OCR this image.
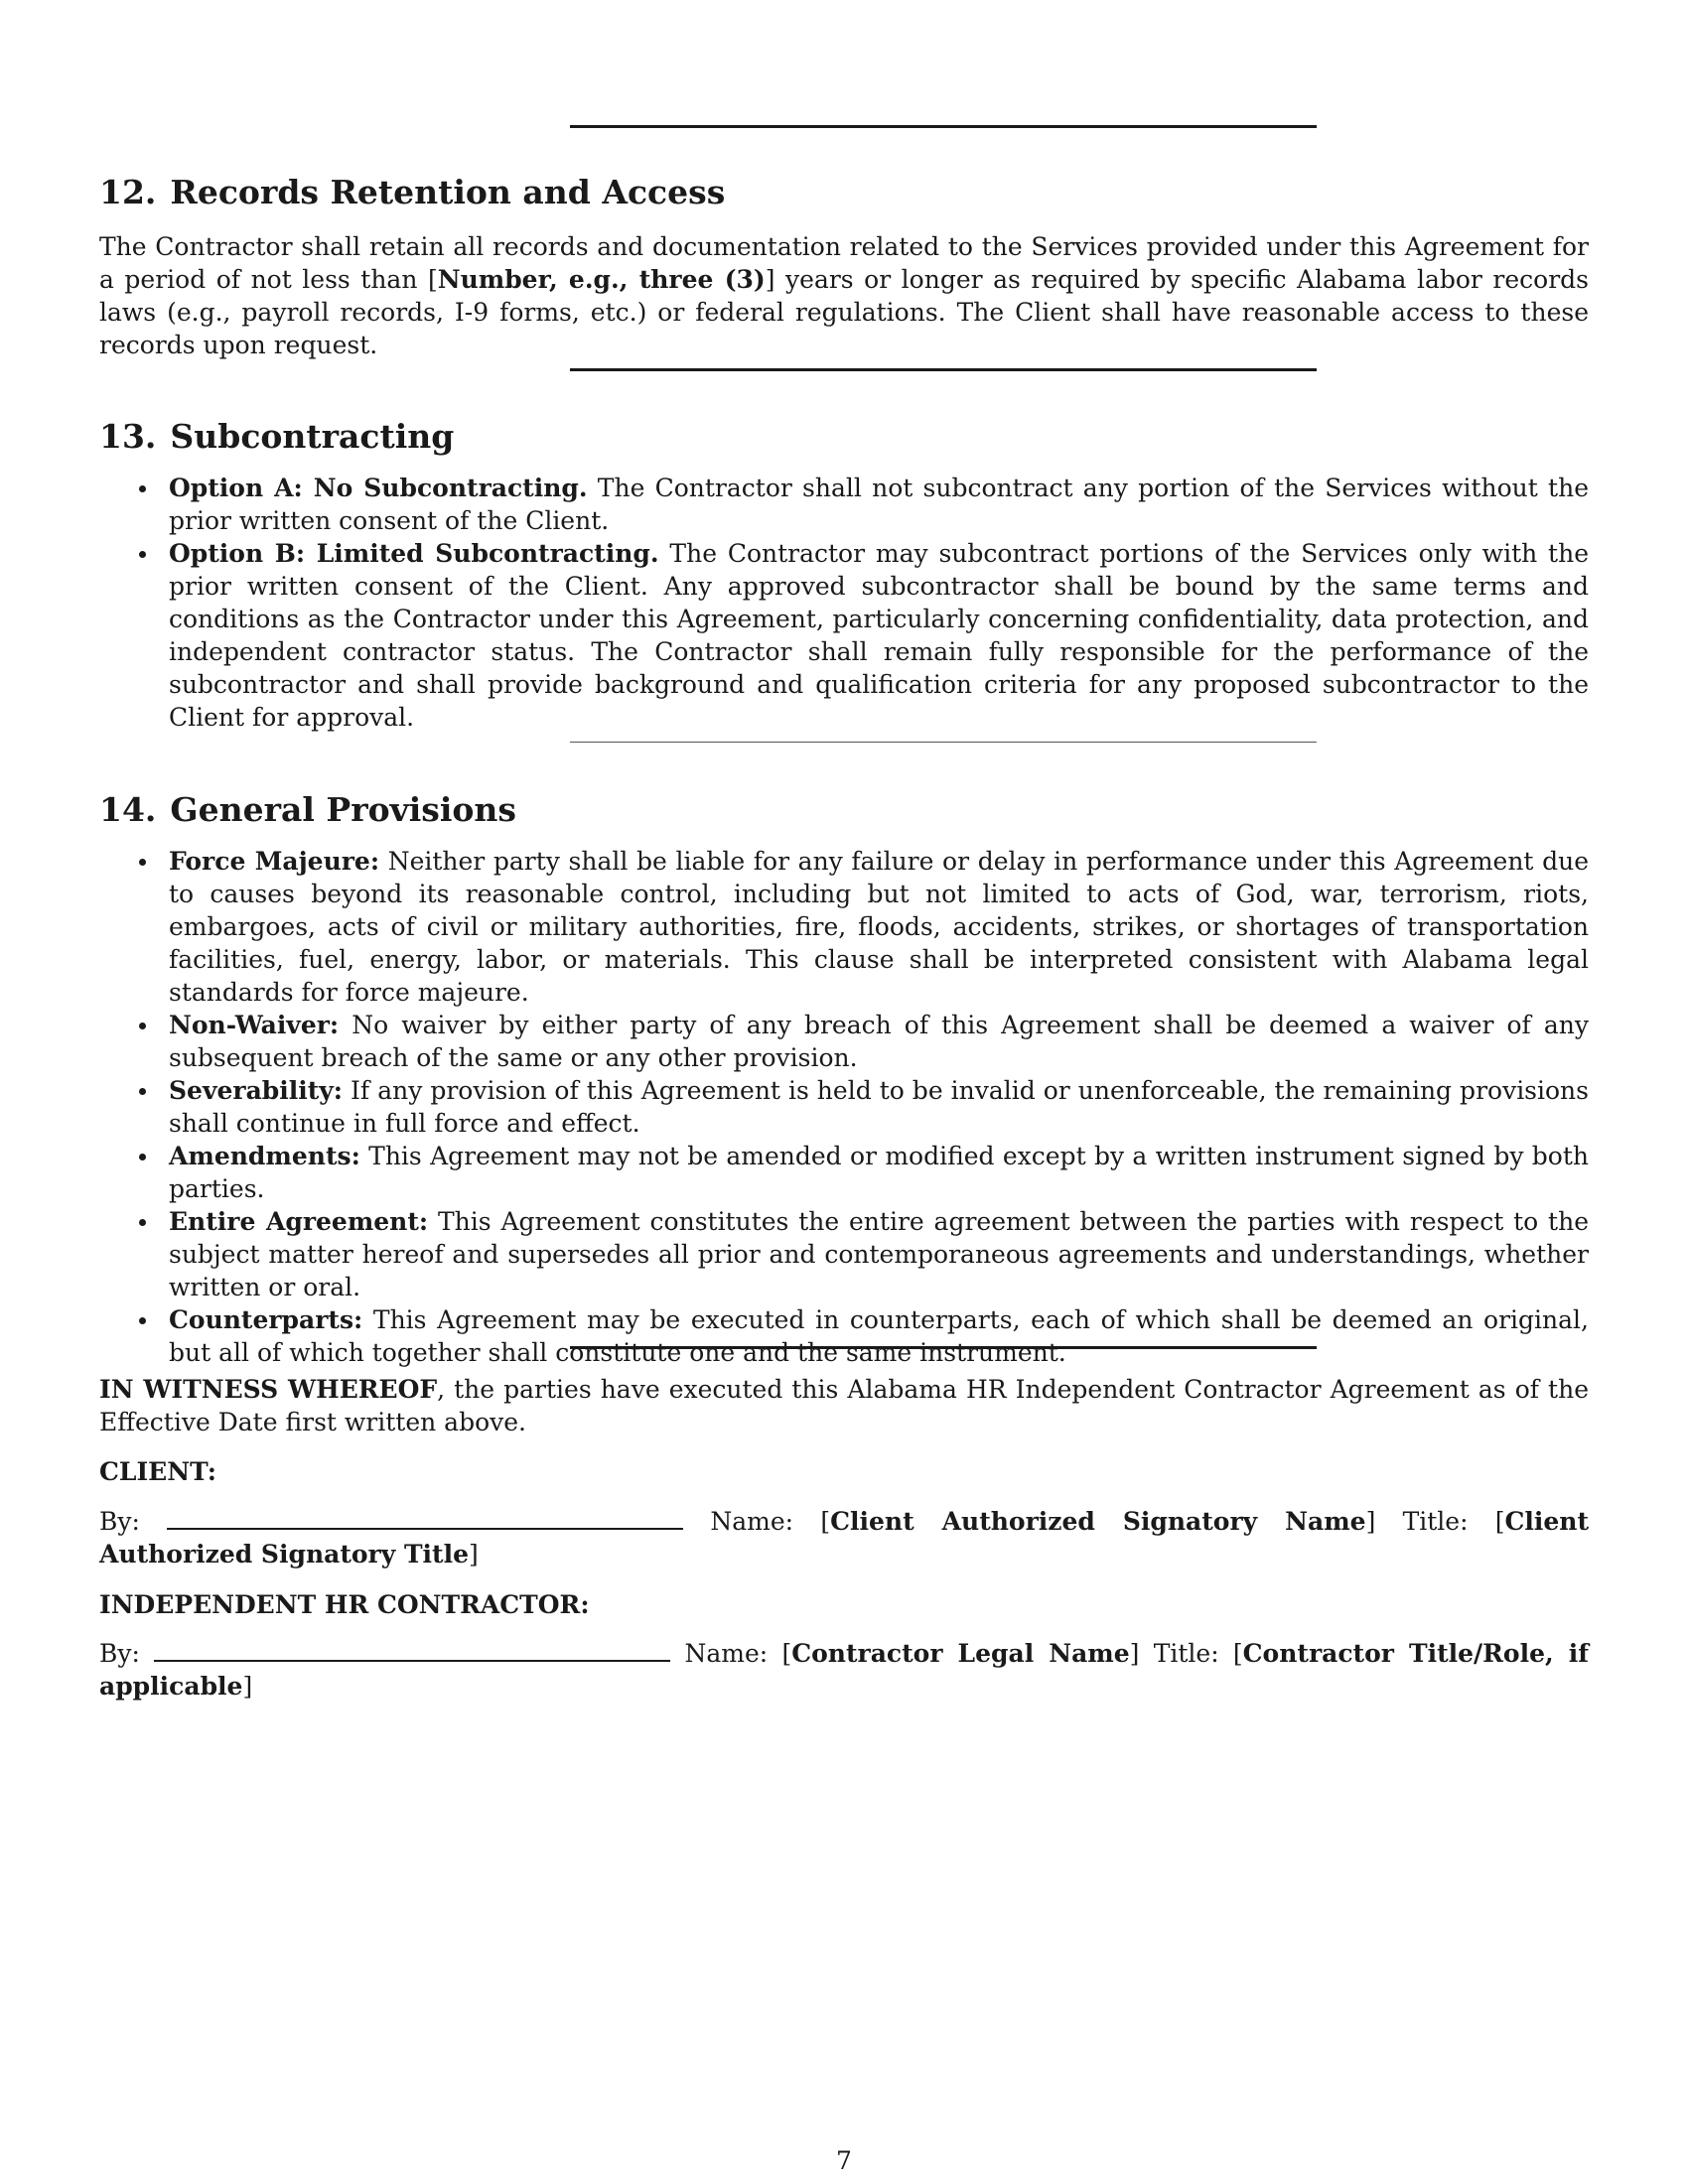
12. Records Retention and Access
The Contractor shall retain all records and documentation related to the Services provided under this Agreement for a period of not less than [Number, e.g., three (3)] years or longer as required by specific Alabama labor records laws (e.g., payroll records, I-9 forms, etc.) or federal regulations. The Client shall have reasonable access to these records upon request.
13. Subcontracting
Option A: No Subcontracting. The Contractor shall not subcontract any portion of the Services without the prior written consent of the Client.
Option B: Limited Subcontracting. The Contractor may subcontract portions of the Services only with the prior written consent of the Client. Any approved subcontractor shall be bound by the same terms and conditions as the Contractor under this Agreement, particularly concerning confidentiality, data protection, and independent contractor status. The Contractor shall remain fully responsible for the performance of the subcontractor and shall provide background and qualification criteria for any proposed subcontractor to the Client for approval.
14. General Provisions
Force Majeure: Neither party shall be liable for any failure or delay in performance under this Agreement due to causes beyond its reasonable control, including but not limited to acts of God, war, terrorism, riots, embargoes, acts of civil or military authorities, fire, floods, accidents, strikes, or shortages of transportation facilities, fuel, energy, labor, or materials. This clause shall be interpreted consistent with Alabama legal standards for force majeure.
Non-Waiver: No waiver by either party of any breach of this Agreement shall be deemed a waiver of any subsequent breach of the same or any other provision.
Severability: If any provision of this Agreement is held to be invalid or unenforceable, the remaining provisions shall continue in full force and effect.
Amendments: This Agreement may not be amended or modified except by a written instrument signed by both parties.
Entire Agreement: This Agreement constitutes the entire agreement between the parties with respect to the subject matter hereof and supersedes all prior and contemporaneous agreements and understandings, whether written or oral.
Counterparts: This Agreement may be executed in counterparts, each of which shall be deemed an original, but all of which together shall constitute one and the same instrument.
IN WITNESS WHEREOF, the parties have executed this Alabama HR Independent Contractor Agreement as of the Effective Date first written above.
CLIENT:
By:	Name: [Client Authorized Signatory Name] Title: [Client Authorized Signatory Title]
INDEPENDENT HR CONTRACTOR:
By:	Name: [Contractor Legal Name] Title: [Contractor Title/Role, if applicable]
7
